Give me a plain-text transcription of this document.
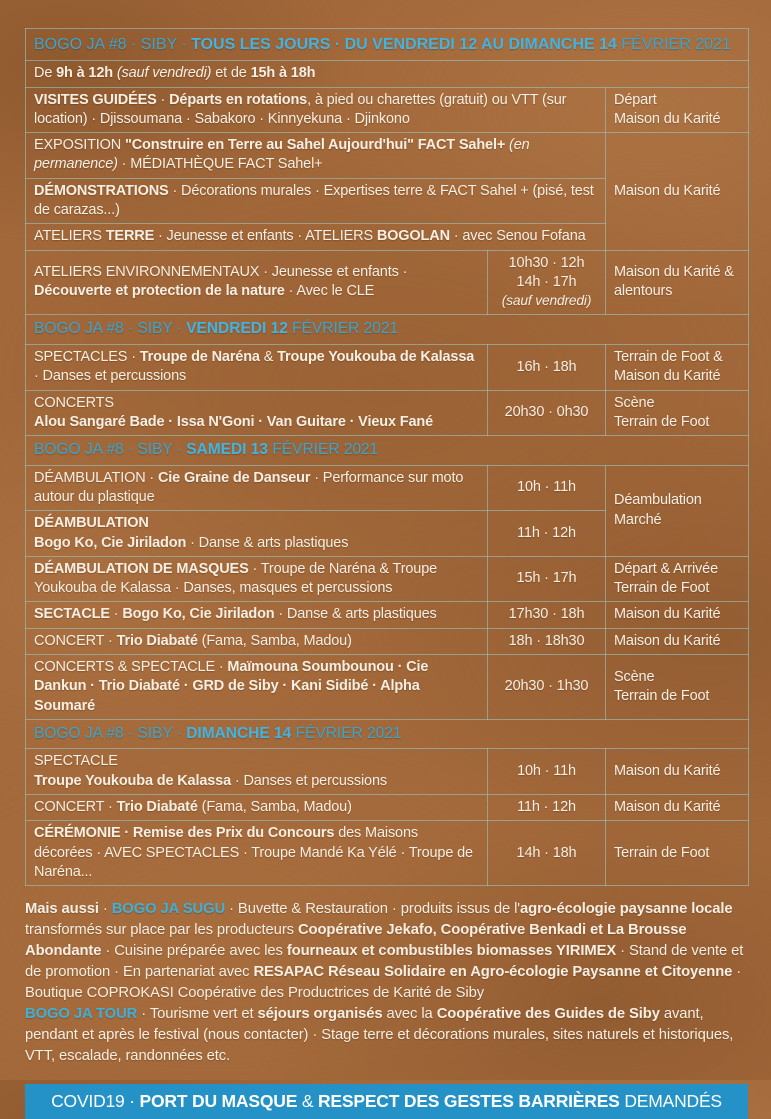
BOGO JA #8 · SIBY · TOUS LES JOURS · DU VENDREDI 12 AU DIMANCHE 14 FÉVRIER 2021		
De 9h à 12h (sauf vendredi) et de 15h à 18h		
VISITES GUIDÉES · Départs en rotations, à pied ou charettes (gratuit) ou VTT (sur location) · Djissoumana · Sabakoro · Kinnyekuna · Djinkono		Départ
Maison du Karité
EXPOSITION "Construire en Terre au Sahel Aujourd'hui" FACT Sahel+ (en permanence) · MÉDIATHÈQUE FACT Sahel+		Maison du Karité
DÉMONSTRATIONS · Décorations murales · Expertises terre & FACT Sahel + (pisé, test de carazas...)		
ATELIERS TERRE · Jeunesse et enfants · ATELIERS BOGOLAN · avec Senou Fofana		
ATELIERS ENVIRONNEMENTAUX · Jeunesse et enfants · Découverte et protection de la nature · Avec le CLE	10h30 · 12h
14h · 17h
(sauf vendredi)	Maison du Karité & alentours
BOGO JA #8 · SIBY · VENDREDI 12 FÉVRIER 2021		
SPECTACLES · Troupe de Naréna & Troupe Youkouba de Kalassa · Danses et percussions	16h · 18h	Terrain de Foot & Maison du Karité
CONCERTS
Alou Sangaré Bade · Issa N'Goni · Van Guitare · Vieux Fané	20h30 · 0h30	Scène
Terrain de Foot
BOGO JA #8 · SIBY · SAMEDI 13 FÉVRIER 2021		
DÉAMBULATION · Cie Graine de Danseur · Performance sur moto autour du plastique	10h · 11h	Déambulation
Marché
DÉAMBULATION
Bogo Ko, Cie Jiriladon · Danse & arts plastiques	11h · 12h	
DÉAMBULATION DE MASQUES · Troupe de Naréna & Troupe Youkouba de Kalassa · Danses, masques et percussions	15h · 17h	Départ & Arrivée
Terrain de Foot
SECTACLE · Bogo Ko, Cie Jiriladon · Danse & arts plastiques	17h30 · 18h	Maison du Karité
CONCERT · Trio Diabaté (Fama, Samba, Madou)	18h · 18h30	Maison du Karité
CONCERTS & SPECTACLE · Maïmouna Soumbounou · Cie Dankun · Trio Diabaté · GRD de Siby · Kani Sidibé · Alpha Soumaré	20h30 · 1h30	Scène
Terrain de Foot
BOGO JA #8 · SIBY · DIMANCHE 14 FÉVRIER 2021		
SPECTACLE
Troupe Youkouba de Kalassa · Danses et percussions	10h · 11h	Maison du Karité
CONCERT · Trio Diabaté (Fama, Samba, Madou)	11h · 12h	Maison du Karité
CÉRÉMONIE · Remise des Prix du Concours des Maisons décorées · AVEC SPECTACLES · Troupe Mandé Ka Yélé · Troupe de Naréna...	14h · 18h	Terrain de Foot

Mais aussi · BOGO JA SUGU · Buvette & Restauration · produits issus de l'agro-écologie paysanne locale transformés sur place par les producteurs Coopérative Jekafo, Coopérative Benkadi et La Brousse Abondante · Cuisine préparée avec les fourneaux et combustibles biomasses YIRIMEX · Stand de vente et de promotion · En partenariat avec RESAPAC Réseau Solidaire en Agro-écologie Paysanne et Citoyenne · Boutique COPROKASI Coopérative des Productrices de Karité de Siby
BOGO JA TOUR · Tourisme vert et séjours organisés avec la Coopérative des Guides de Siby avant, pendant et après le festival (nous contacter) · Stage terre et décorations murales, sites naturels et historiques, VTT, escalade, randonnées etc.

COVID19 · PORT DU MASQUE & RESPECT DES GESTES BARRIÈRES DEMANDÉS
